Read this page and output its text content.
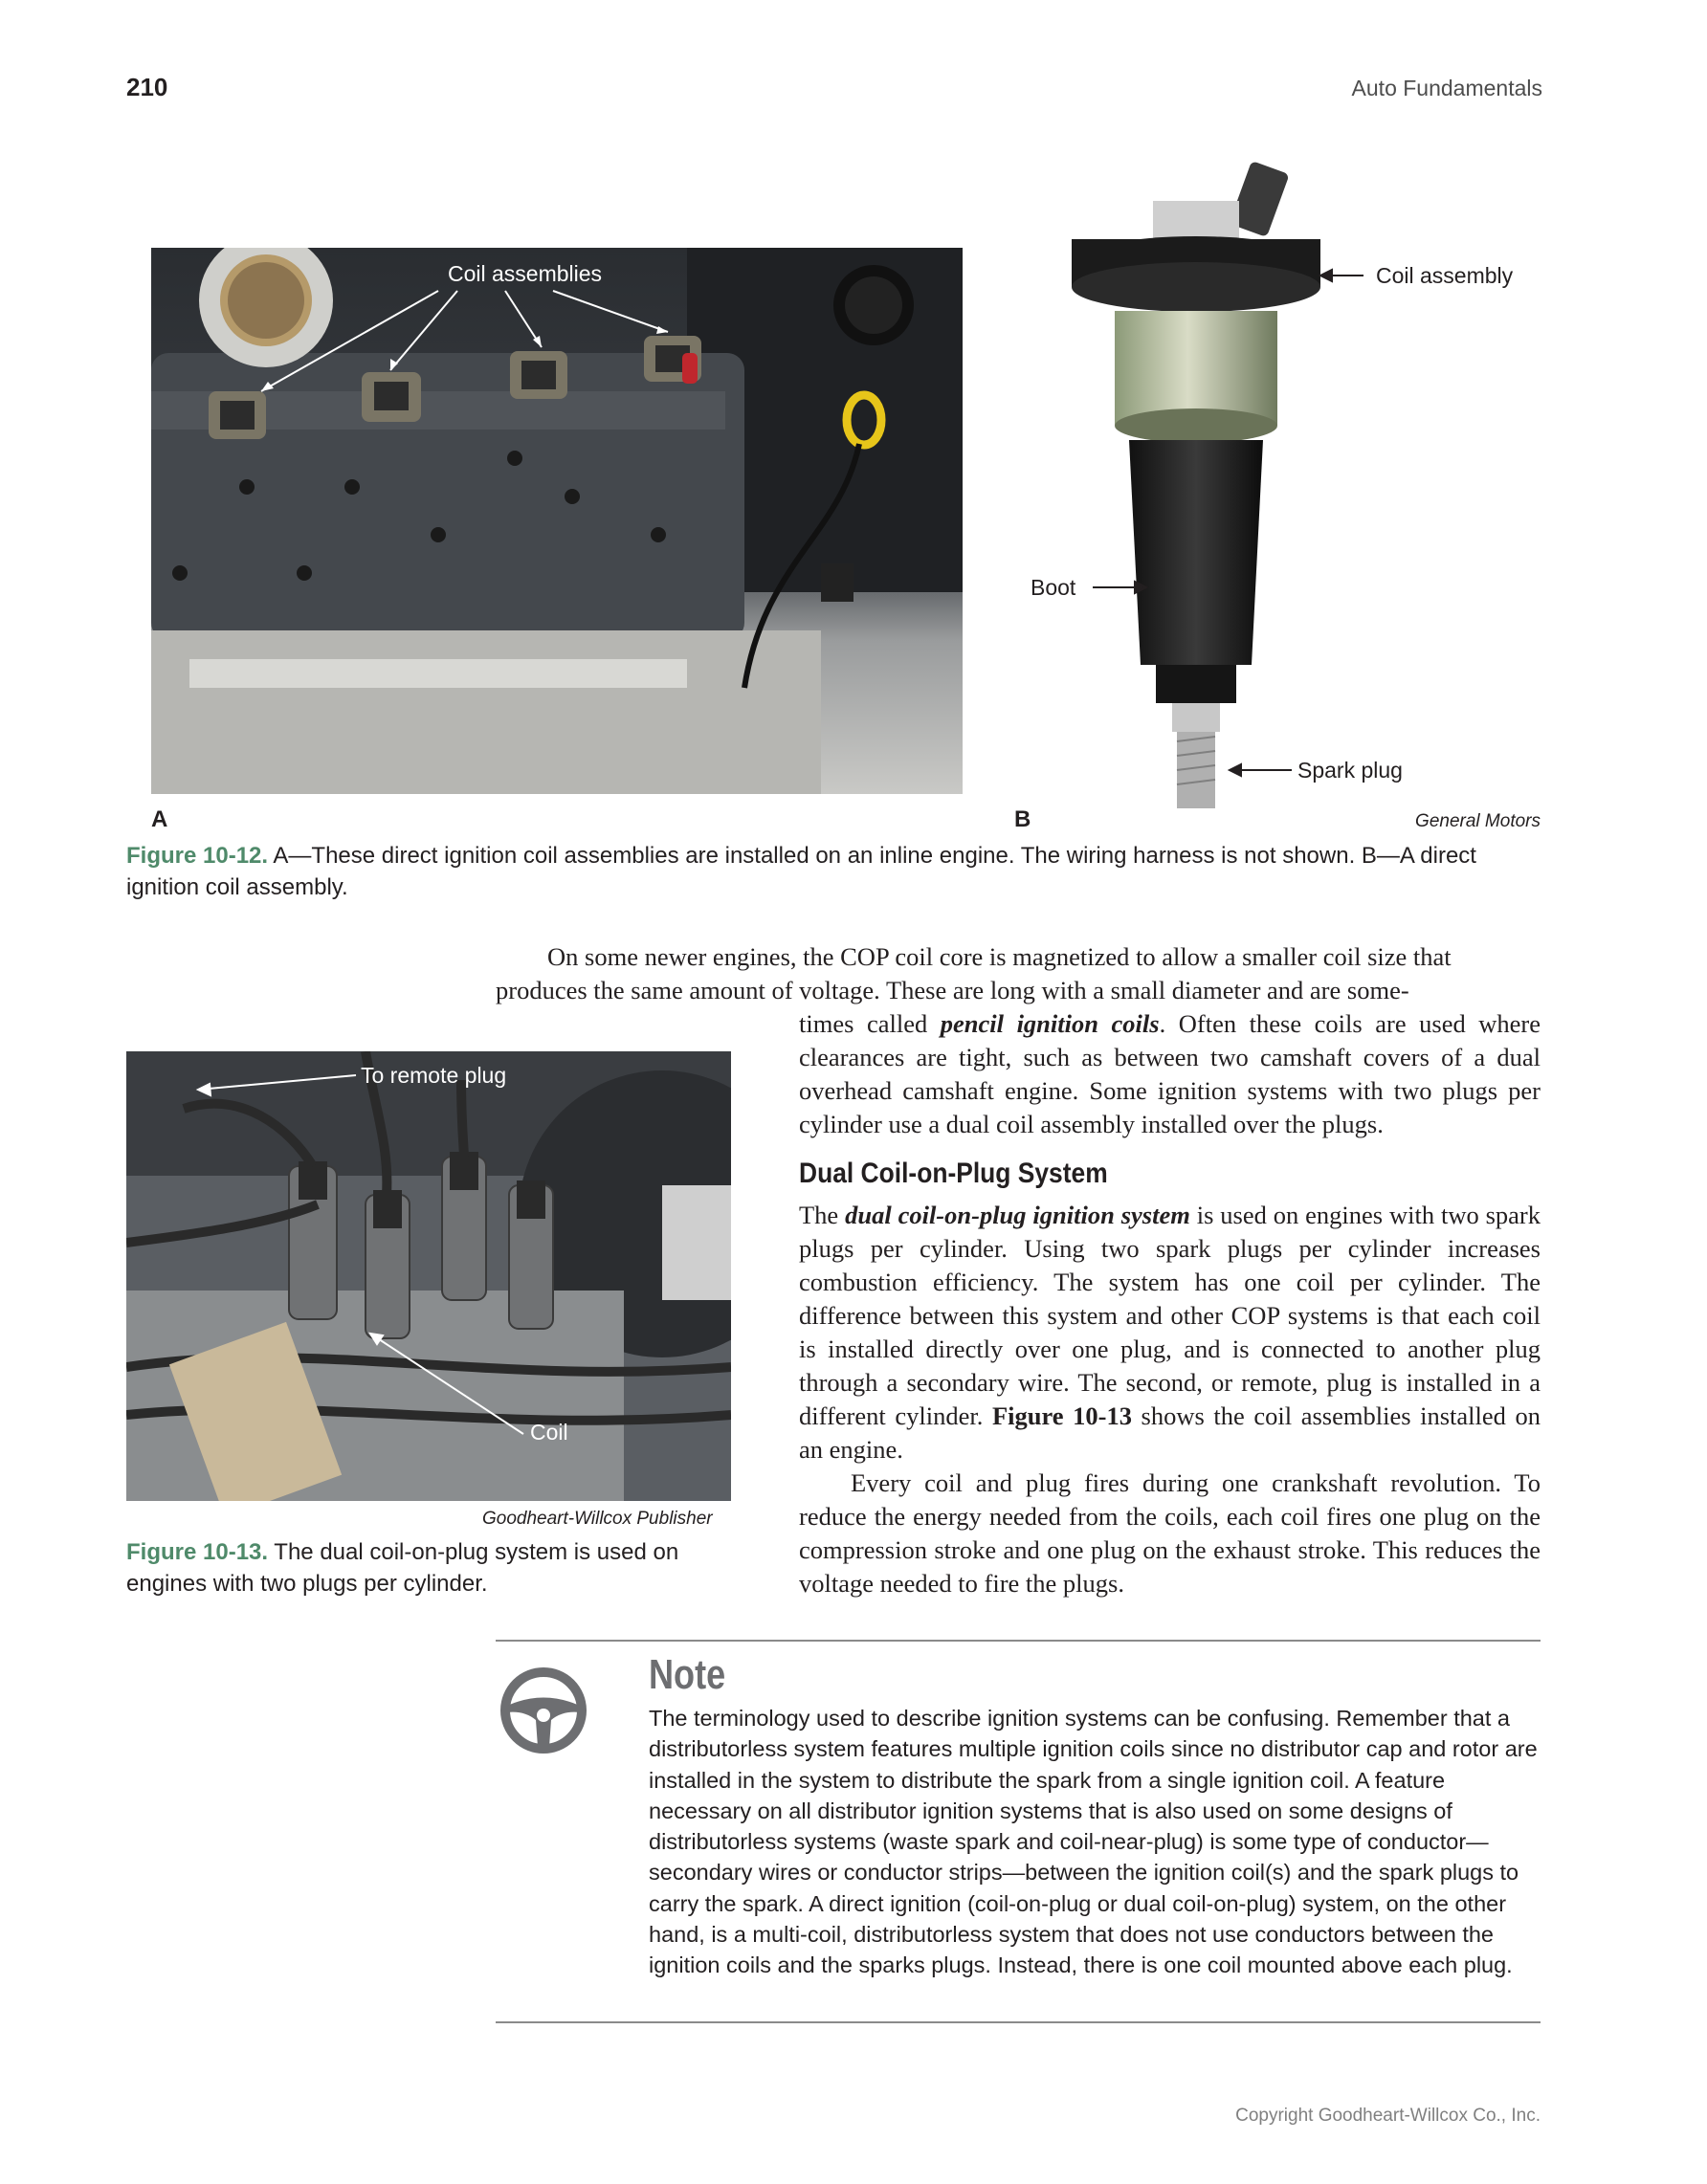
210	Auto Fundamentals
Coil assemblies	Coil assembly
Boot
Spark plug
A	B	General Motors
Figure 10-12. A—These direct ignition coil assemblies are installed on an inline engine. The wiring harness is not shown. B—A direct ignition coil assembly.
On some newer engines, the COP coil core is magnetized to allow a smaller coil size that
produces the same amount of voltage. These are long with a small diameter and are some-

times called pencil ignition coils. Often these coils are used where clearances are tight, such as between two camshaft covers of a dual overhead camshaft engine. Some ignition systems with two plugs per cylinder use a dual coil assembly installed over the plugs.

Dual Coil-on-Plug System

The dual coil-on-plug ignition system is used on engines with two spark plugs per cylinder. Using two spark plugs per cylinder increases combustion efficiency. The system has one coil per cylinder. The difference between this system and other COP systems is that each coil is installed directly over one plug, and is connected to another plug through a secondary wire. The second, or remote, plug is installed in a different cylinder. Figure 10-13 shows the coil assemblies installed on an engine.

Every coil and plug fires during one crankshaft revolution. To reduce the energy needed from the coils, each coil fires one plug on the compression stroke and one plug on the exhaust stroke. This reduces the voltage needed to fire the plugs.

To remote plug
Coil
Goodheart-Willcox Publisher
Figure 10-13. The dual coil-on-plug system is used on engines with two plugs per cylinder.
Note
The terminology used to describe ignition systems can be confusing. Remember that a distributorless system features multiple ignition coils since no distributor cap and rotor are installed in the system to distribute the spark from a single ignition coil. A feature necessary on all distributor ignition systems that is also used on some designs of distributorless systems (waste spark and coil-near-plug) is some type of conductor—secondary wires or conductor strips—between the ignition coil(s) and the spark plugs to carry the spark. A direct ignition (coil-on-plug or dual coil-on-plug) system, on the other hand, is a multi-coil, distributorless system that does not use conductors between the ignition coils and the sparks plugs. Instead, there is one coil mounted above each plug.
Copyright Goodheart-Willcox Co., Inc.
